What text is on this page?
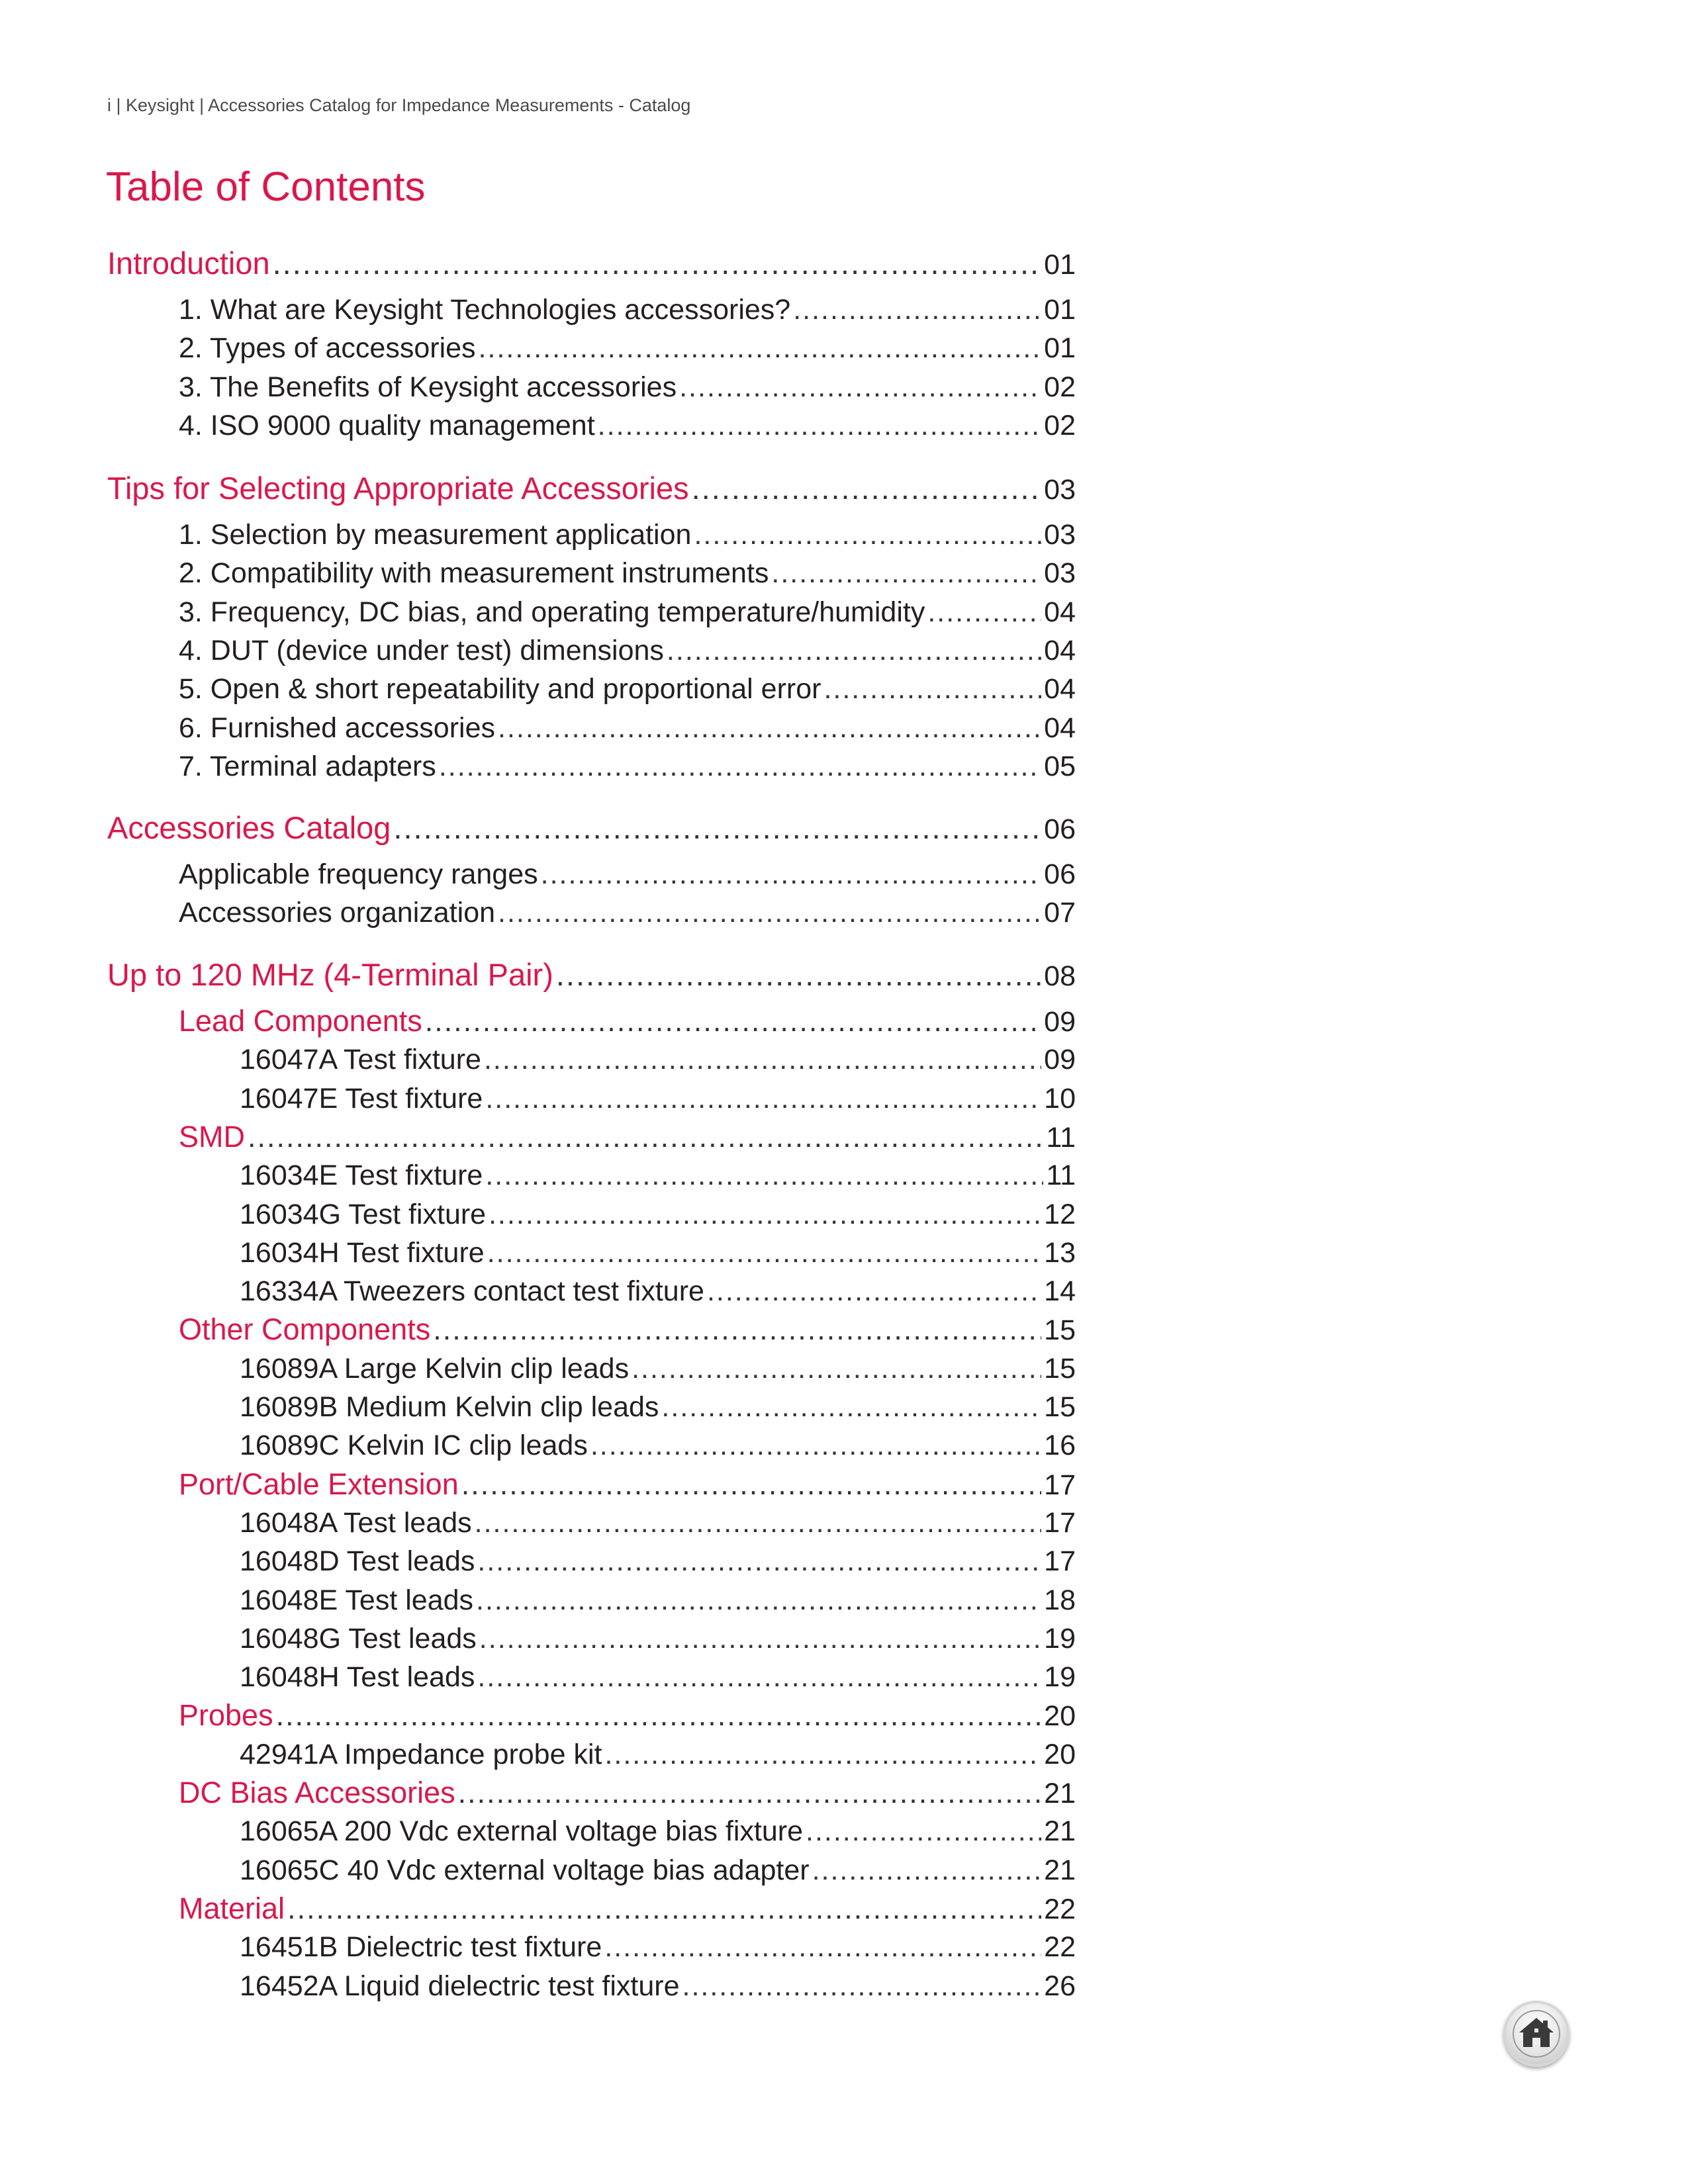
i | Keysight | Accessories Catalog for Impedance Measurements - Catalog
Table of Contents
Introduction .....	01
1. What are Keysight Technologies accessories? .....	01
2. Types of accessories .....	01
3. The Benefits of Keysight accessories .....	02
4. ISO 9000 quality management .....	02
Tips for Selecting Appropriate Accessories .....	03
1. Selection by measurement application .....	03
2. Compatibility with measurement instruments .....	03
3. Frequency, DC bias, and operating temperature/humidity .....	04
4. DUT (device under test) dimensions .....	04
5. Open & short repeatability and proportional error .....	04
6. Furnished accessories .....	04
7. Terminal adapters .....	05
Accessories Catalog .....	06
Applicable frequency ranges .....	06
Accessories organization .....	07
Up to 120 MHz (4-Terminal Pair) .....	08
Lead Components .....	09
16047A Test fixture .....	09
16047E Test fixture .....	10
SMD .....	11
16034E Test fixture .....	11
16034G Test fixture .....	12
16034H Test fixture .....	13
16334A Tweezers contact test fixture .....	14
Other Components .....	15
16089A Large Kelvin clip leads .....	15
16089B Medium Kelvin clip leads .....	15
16089C Kelvin IC clip leads .....	16
Port/Cable Extension .....	17
16048A Test leads .....	17
16048D Test leads .....	17
16048E Test leads .....	18
16048G Test leads .....	19
16048H Test leads .....	19
Probes .....	20
42941A Impedance probe kit .....	20
DC Bias Accessories .....	21
16065A 200 Vdc external voltage bias fixture .....	21
16065C 40 Vdc external voltage bias adapter .....	21
Material .....	22
16451B Dielectric test fixture .....	22
16452A Liquid dielectric test fixture .....	26
